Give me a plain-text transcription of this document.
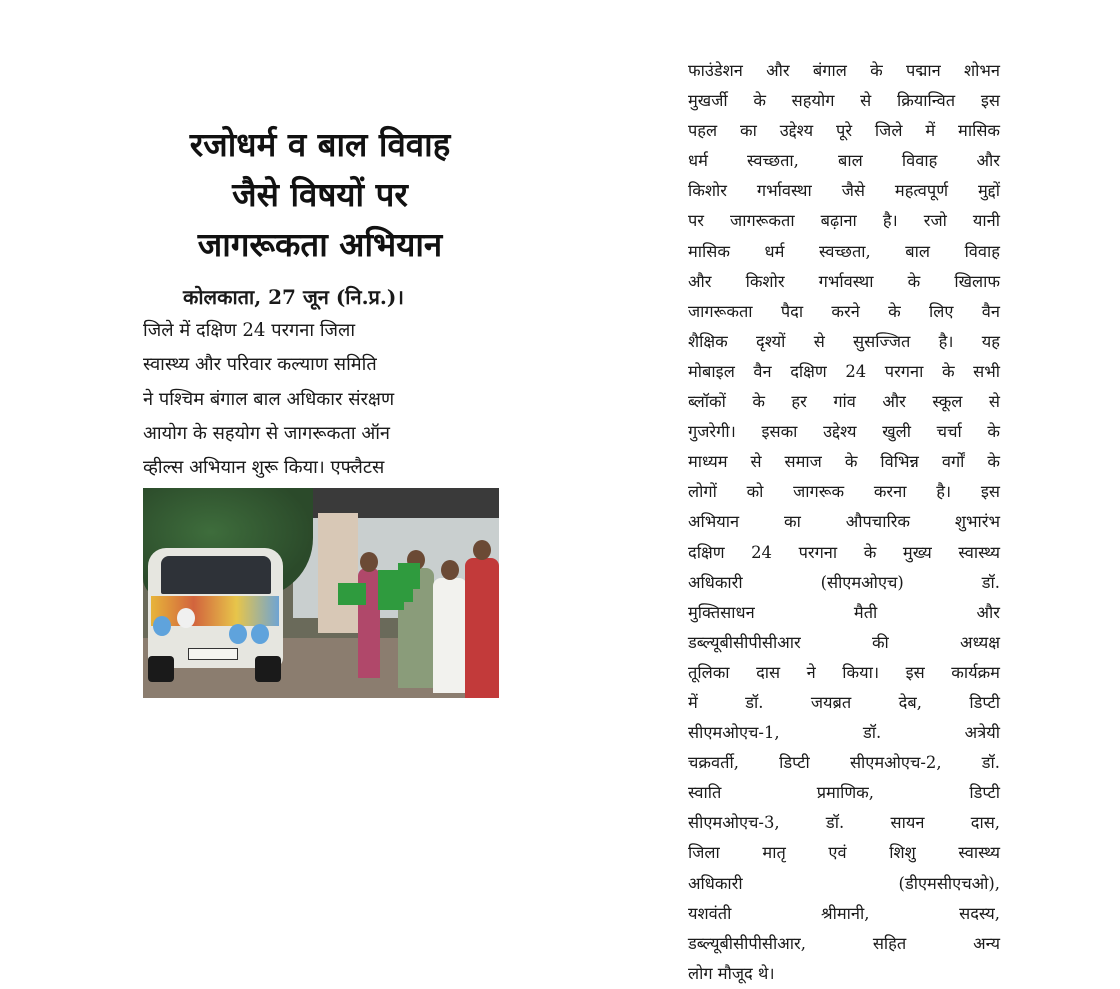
रजोधर्म व बाल विवाह
जैसे विषयों पर
जागरूकता अभियान
कोलकाता, 27 जून (नि.प्र.)।
जिले में दक्षिण 24 परगना जिला
स्वास्थ्य और परिवार कल्याण समिति
ने पश्चिम बंगाल बाल अधिकार संरक्षण
आयोग के सहयोग से जागरूकता ऑन
व्हील्स अभियान शुरू किया। एफ्लैटस
फाउंडेशन और बंगाल के पद्मान शोभन
मुखर्जी के सहयोग से क्रियान्वित इस
पहल का उद्देश्य पूरे जिले में मासिक
धर्म स्वच्छता, बाल विवाह और
किशोर गर्भावस्था जैसे महत्वपूर्ण मुद्दों
पर जागरूकता बढ़ाना है। रजो यानी
मासिक धर्म स्वच्छता, बाल विवाह
और किशोर गर्भावस्था के खिलाफ
जागरूकता पैदा करने के लिए वैन
शैक्षिक दृश्यों से सुसज्जित है। यह
मोबाइल वैन दक्षिण 24 परगना के सभी
ब्लॉकों के हर गांव और स्कूल से
गुजरेगी। इसका उद्देश्य खुली चर्चा के
माध्यम से समाज के विभिन्न वर्गों के
लोगों को जागरूक करना है। इस
अभियान का औपचारिक शुभारंभ
दक्षिण 24 परगना के मुख्य स्वास्थ्य
अधिकारी (सीएमओएच) डॉ.
मुक्तिसाधन मैती और
डब्ल्यूबीसीपीसीआर की अध्यक्ष
तूलिका दास ने किया। इस कार्यक्रम
में डॉ. जयब्रत देब, डिप्टी
सीएमओएच-1, डॉ. अत्रेयी
चक्रवर्ती, डिप्टी सीएमओएच-2, डॉ.
स्वाति प्रमाणिक, डिप्टी
सीएमओएच-3, डॉ. सायन दास,
जिला मातृ एवं शिशु स्वास्थ्य
अधिकारी (डीएमसीएचओ),
यशवंती श्रीमानी, सदस्य,
डब्ल्यूबीसीपीसीआर, सहित अन्य
लोग मौजूद थे।
